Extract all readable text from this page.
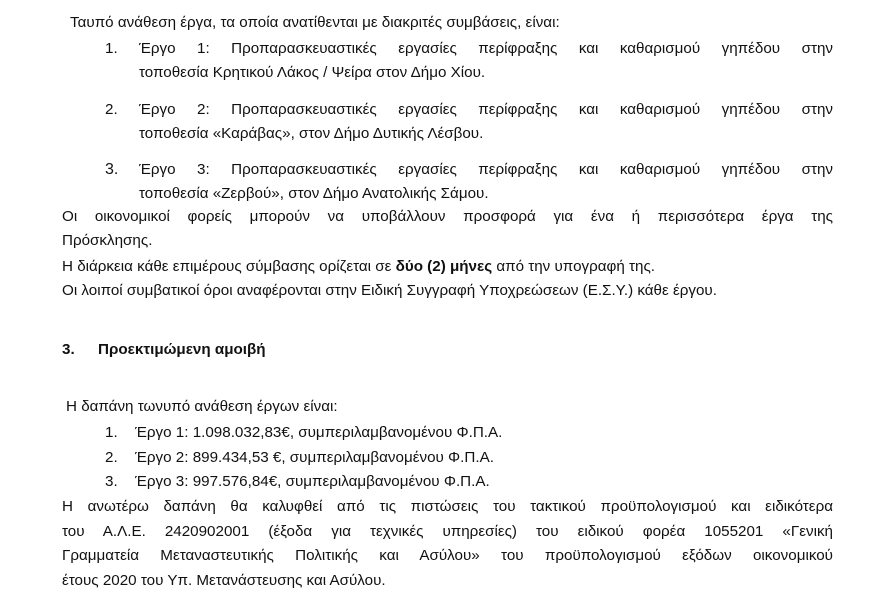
Ταυπό ανάθεση έργα, τα οποία ανατίθενται με διακριτές συμβάσεις, είναι:
1. Έργο 1: Προπαρασκευαστικές εργασίες περίφραξης και καθαρισμού γηπέδου στην
τοποθεσία Κρητικού Λάκος / Ψείρα στον Δήμο Χίου.
2. Έργο 2: Προπαρασκευαστικές εργασίες περίφραξης και καθαρισμού γηπέδου στην
τοποθεσία «Καράβας», στον Δήμο Δυτικής Λέσβου.
3. Έργο 3: Προπαρασκευαστικές εργασίες περίφραξης και καθαρισμού γηπέδου στην
τοποθεσία «Ζερβού», στον Δήμο Ανατολικής Σάμου.
Οι οικονομικοί φορείς μπορούν να υποβάλλουν προσφορά για ένα ή περισσότερα έργα της
Πρόσκλησης.
Η διάρκεια κάθε επιμέρους σύμβασης ορίζεται σε δύο (2) μήνες από την υπογραφή της.
Οι λοιποί συμβατικοί όροι αναφέρονται στην Ειδική Συγγραφή Υποχρεώσεων (Ε.Σ.Υ.) κάθε έργου.
3. Προεκτιμώμενη αμοιβή
Η δαπάνη τωνυπό ανάθεση έργων είναι:
1. Έργο 1: 1.098.032,83€, συμπεριλαμβανομένου Φ.Π.Α.
2. Έργο 2: 899.434,53 €, συμπεριλαμβανομένου Φ.Π.Α.
3. Έργο 3: 997.576,84€, συμπεριλαμβανομένου Φ.Π.Α.
Η ανωτέρω δαπάνη θα καλυφθεί από τις πιστώσεις του τακτικού προϋπολογισμού και ειδικότερα
του Α.Λ.Ε. 2420902001 (έξοδα για τεχνικές υπηρεσίες) του ειδικού φορέα 1055201 «Γενική
Γραμματεία Μεταναστευτικής Πολιτικής και Ασύλου» του προϋπολογισμού εξόδων οικονομικού
έτους 2020 του Υπ. Μετανάστευσης και Ασύλου.
